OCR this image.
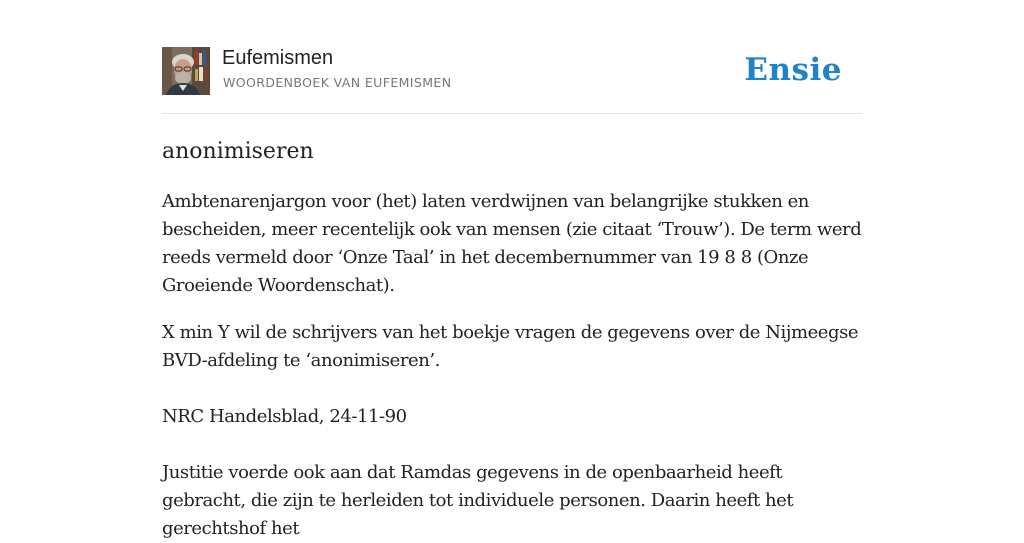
Eufemismen
WOORDENBOEK VAN EUFEMISMEN	Ensie
anonimiseren

Ambtenarenjargon voor (het) laten verdwijnen van belangrijke stukken en bescheiden, meer recentelijk ook van mensen (zie citaat ‘Trouw’). De term werd reeds vermeld door ‘Onze Taal’ in het decembernummer van 19 8 8 (Onze Groeiende Woordenschat).

X min Y wil de schrijvers van het boekje vragen de gegevens over de Nijmeegse BVD-afdeling te ‘anonimiseren’.

NRC Handelsblad, 24-11-90

Justitie voerde ook aan dat Ramdas gegevens in de openbaarheid heeft gebracht, die zijn te herleiden tot individuele personen. Daarin heeft het gerechtshof het
